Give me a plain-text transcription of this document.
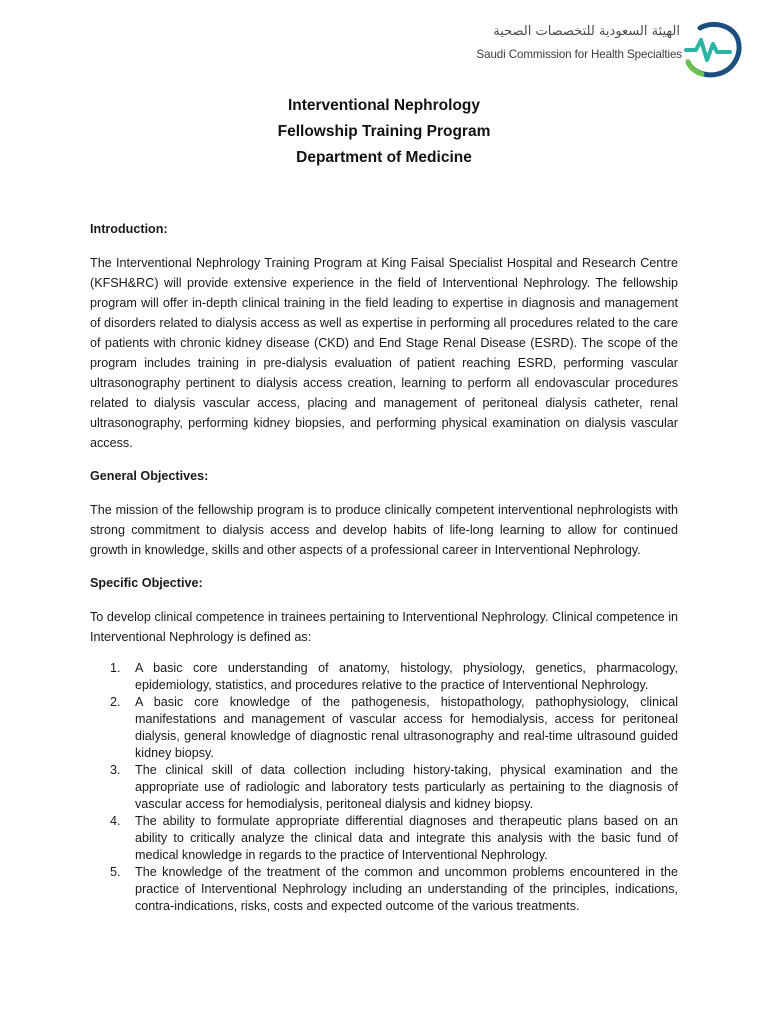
الهيئة السعودية للتخصصات الصحية
Saudi Commission for Health Specialties
Interventional Nephrology
Fellowship Training Program
Department of Medicine

Introduction:

The Interventional Nephrology Training Program at King Faisal Specialist Hospital and Research Centre (KFSH&RC) will provide extensive experience in the field of Interventional Nephrology. The fellowship program will offer in-depth clinical training in the field leading to expertise in diagnosis and management of disorders related to dialysis access as well as expertise in performing all procedures related to the care of patients with chronic kidney disease (CKD) and End Stage Renal Disease (ESRD). The scope of the program includes training in pre-dialysis evaluation of patient reaching ESRD, performing vascular ultrasonography pertinent to dialysis access creation, learning to perform all endovascular procedures related to dialysis vascular access, placing and management of peritoneal dialysis catheter, renal ultrasonography, performing kidney biopsies, and performing physical examination on dialysis vascular access.

General Objectives:

The mission of the fellowship program is to produce clinically competent interventional nephrologists with strong commitment to dialysis access and develop habits of life-long learning to allow for continued growth in knowledge, skills and other aspects of a professional career in Interventional Nephrology.

Specific Objective:

To develop clinical competence in trainees pertaining to Interventional Nephrology. Clinical competence in Interventional Nephrology is defined as:

1.	A basic core understanding of anatomy, histology, physiology, genetics, pharmacology, epidemiology, statistics, and procedures relative to the practice of Interventional Nephrology.
2.	A basic core knowledge of the pathogenesis, histopathology, pathophysiology, clinical manifestations and management of vascular access for hemodialysis, access for peritoneal dialysis, general knowledge of diagnostic renal ultrasonography and real-time ultrasound guided kidney biopsy.
3.	The clinical skill of data collection including history-taking, physical examination and the appropriate use of radiologic and laboratory tests particularly as pertaining to the diagnosis of vascular access for hemodialysis, peritoneal dialysis and kidney biopsy.
4.	The ability to formulate appropriate differential diagnoses and therapeutic plans based on an ability to critically analyze the clinical data and integrate this analysis with the basic fund of medical knowledge in regards to the practice of Interventional Nephrology.
5.	The knowledge of the treatment of the common and uncommon problems encountered in the practice of Interventional Nephrology including an understanding of the principles, indications, contra-indications, risks, costs and expected outcome of the various treatments.
